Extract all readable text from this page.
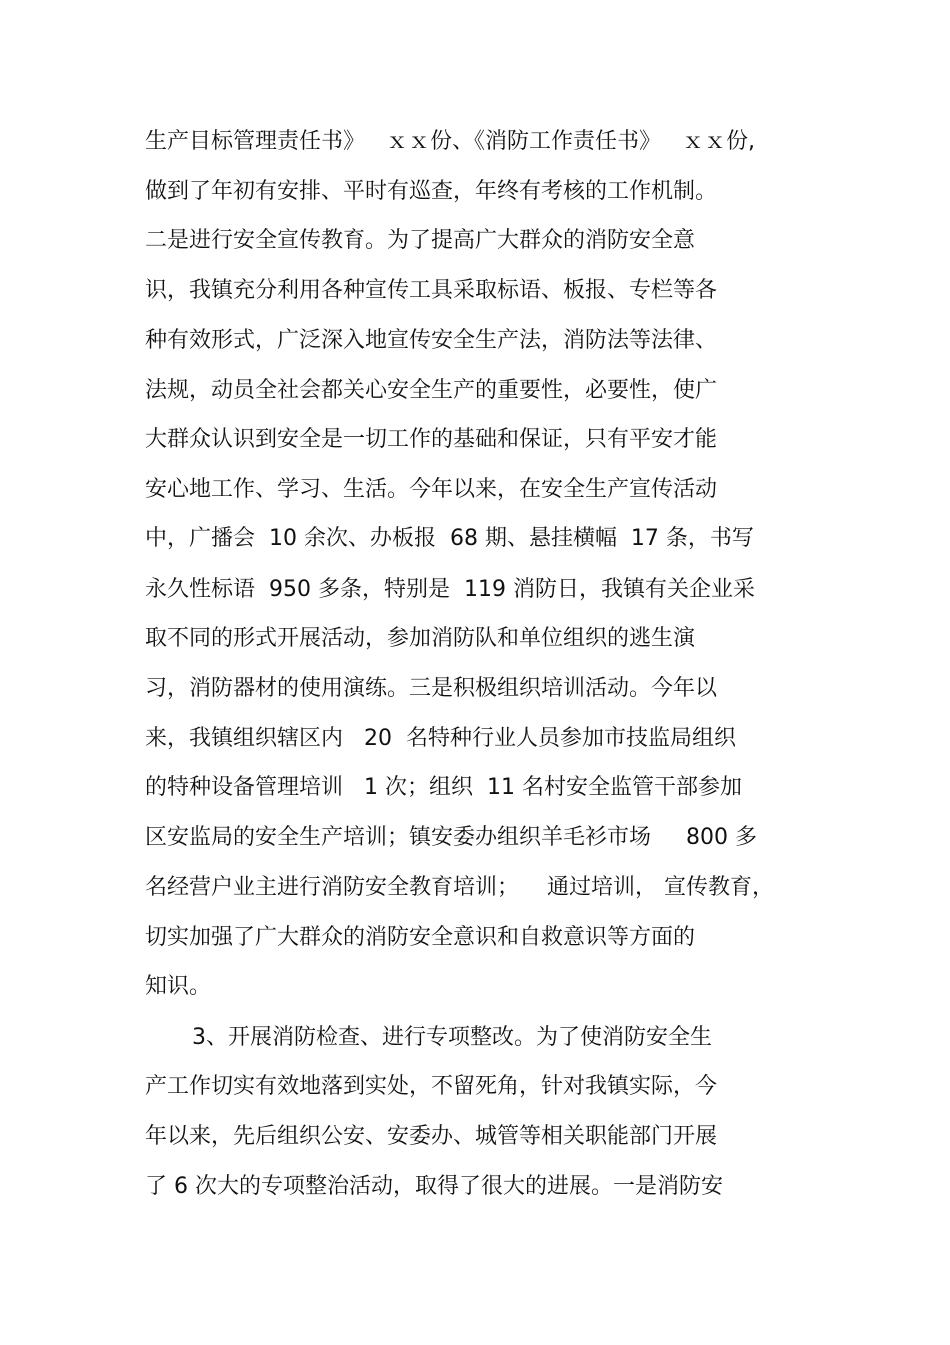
生产目标管理责任书》   ｘｘ份、《消防工作责任书》   ｘｘ份,
做到了年初有安排、平时有巡查，年终有考核的工作机制。
二是进行安全宣传教育。为了提高广大群众的消防安全意
识，我镇充分利用各种宣传工具采取标语、板报、专栏等各
种有效形式，广泛深入地宣传安全生产法，消防法等法律、
法规，动员全社会都关心安全生产的重要性，必要性，使广
大群众认识到安全是一切工作的基础和保证，只有平安才能
安心地工作、学习、生活。今年以来，在安全生产宣传活动
中，广播会  10 余次、办板报  68 期、悬挂横幅  17 条，书写
永久性标语  950 多条，特别是  119 消防日，我镇有关企业采
取不同的形式开展活动，参加消防队和单位组织的逃生演
习，消防器材的使用演练。三是积极组织培训活动。今年以
来，我镇组织辖区内   20  名特种行业人员参加市技监局组织
的特种设备管理培训   1 次；组织  11 名村安全监管干部参加
区安监局的安全生产培训；镇安委办组织羊毛衫市场     800 多
名经营户业主进行消防安全教育培训；    通过培训， 宣传教育，
切实加强了广大群众的消防安全意识和自救意识等方面的
知识。
3、开展消防检查、进行专项整改。为了使消防安全生
产工作切实有效地落到实处，不留死角，针对我镇实际，今
年以来，先后组织公安、安委办、城管等相关职能部门开展
了 6 次大的专项整治活动，取得了很大的进展。一是消防安
